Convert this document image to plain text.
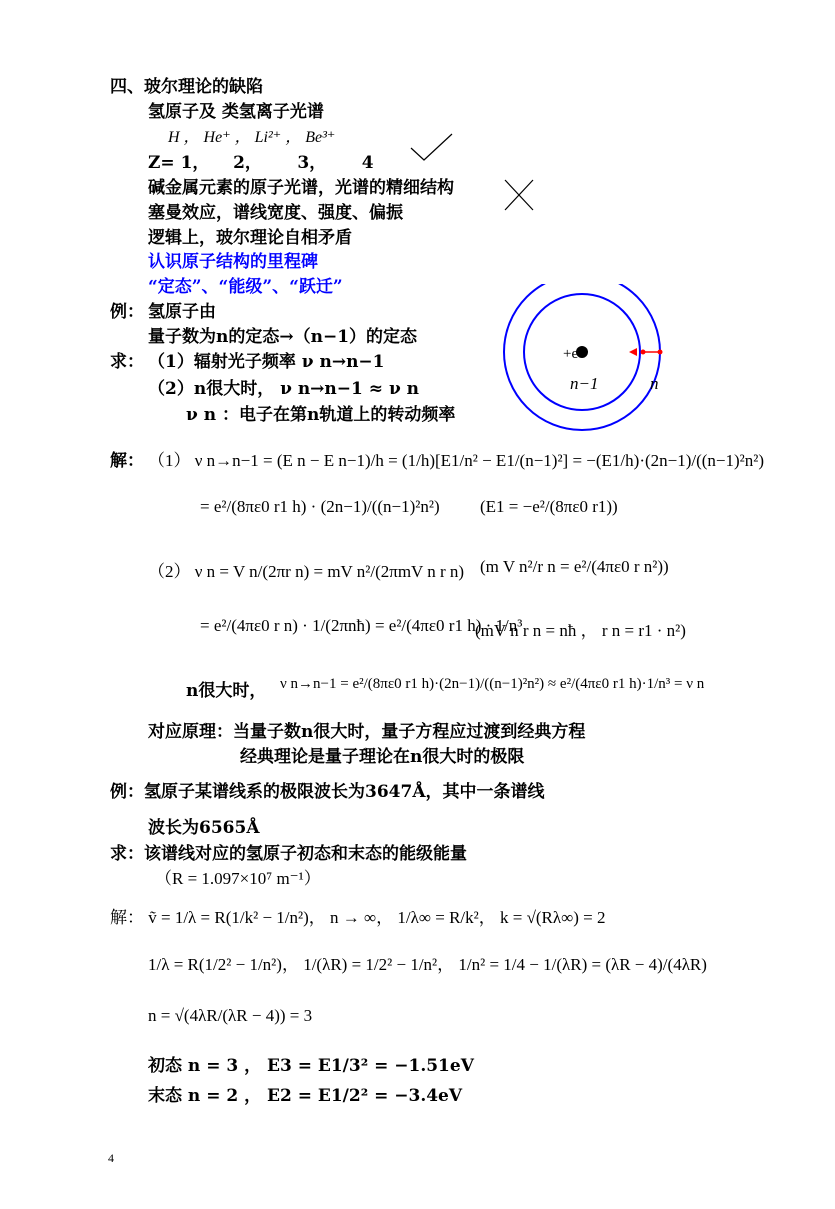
四、玻尔理论的缺陷
氢原子及 类氢离子光谱
H ， He⁺ ， Li²⁺ ， Be³⁺
Z= 1，    2，      3，      4
碱金属元素的原子光谱，光谱的精细结构
塞曼效应，谱线宽度、强度、偏振
逻辑上，玻尔理论自相矛盾
认识原子结构的里程碑
“定态”、“能级”、“跃迁”
例： 氢原子由
量子数为n的定态→（n−1）的定态
求： （1）辐射光子频率 ν n→n−1
（2）n很大时， ν n→n−1 ≈ ν n
ν n ：电子在第n轨道上的转动频率
+e
n−1	n
解： （1） ν n→n−1 = (E n − E n−1)/h = (1/h)[E1/n² − E1/(n−1)²] = −(E1/h)·(2n−1)/((n−1)²n²)
= e²/(8πε0 r1 h) · (2n−1)/((n−1)²n²) (E1 = −e²/(8πε0 r1))
（2） ν n = V n/(2πr n) = mV n²/(2πmV n r n) (m V n²/r n = e²/(4πε0 r n²))
= e²/(4πε0 r n) · 1/(2πnħ) = e²/(4πε0 r1 h) · 1/n³
(mV n r n = nħ ， r n = r1 · n²)
n很大时， ν n→n−1 = e²/(8πε0 r1 h)·(2n−1)/((n−1)²n²) ≈ e²/(4πε0 r1 h)·1/n³ = ν n
对应原理：当量子数n很大时，量子方程应过渡到经典方程
经典理论是量子理论在n很大时的极限
例：氢原子某谱线系的极限波长为3647Å，其中一条谱线
波长为6565Å
求：该谱线对应的氢原子初态和末态的能级能量
（R = 1.097×10⁷ m⁻¹）
解： ṽ = 1/λ = R(1/k² − 1/n²)， n → ∞， 1/λ∞ = R/k²， k = √(Rλ∞) = 2
1/λ = R(1/2² − 1/n²)， 1/(λR) = 1/2² − 1/n²， 1/n² = 1/4 − 1/(λR) = (λR − 4)/(4λR)
n = √(4λR/(λR − 4)) = 3
初态 n = 3 ， E3 = E1/3² = −1.51eV
末态 n = 2 ， E2 = E1/2² = −3.4eV
4
